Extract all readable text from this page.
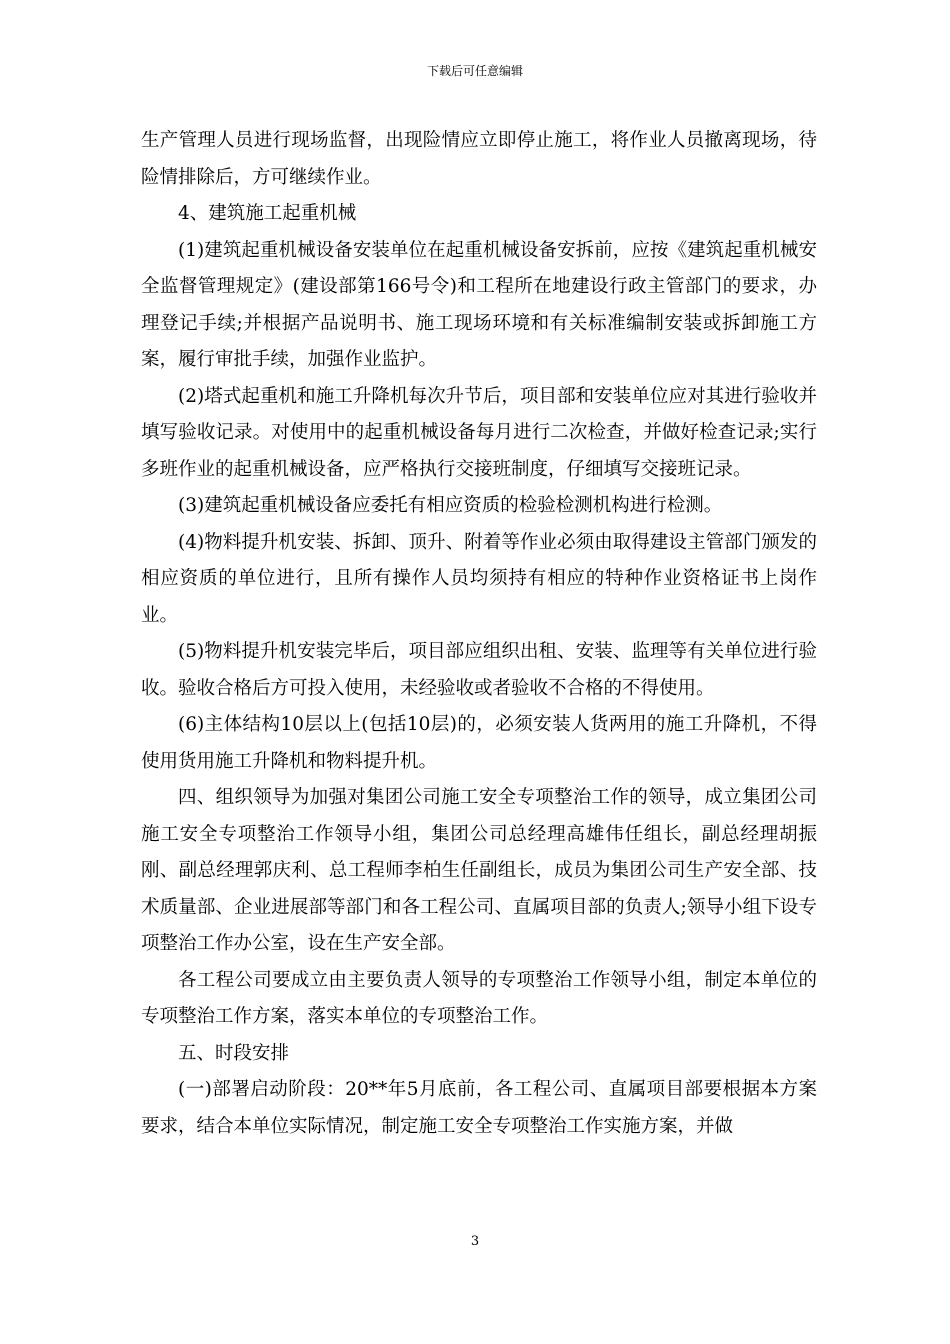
下载后可任意编辑

生产管理人员进行现场监督，出现险情应立即停止施工，将作业人员撤离现场，待险情排除后，方可继续作业。

4、建筑施工起重机械

(1)建筑起重机械设备安装单位在起重机械设备安拆前，应按《建筑起重机械安全监督管理规定》(建设部第166号令)和工程所在地建设行政主管部门的要求，办理登记手续;并根据产品说明书、施工现场环境和有关标准编制安装或拆卸施工方案，履行审批手续，加强作业监护。

(2)塔式起重机和施工升降机每次升节后，项目部和安装单位应对其进行验收并填写验收记录。对使用中的起重机械设备每月进行二次检查，并做好检查记录;实行多班作业的起重机械设备，应严格执行交接班制度，仔细填写交接班记录。

(3)建筑起重机械设备应委托有相应资质的检验检测机构进行检测。

(4)物料提升机安装、拆卸、顶升、附着等作业必须由取得建设主管部门颁发的相应资质的单位进行，且所有操作人员均须持有相应的特种作业资格证书上岗作业。

(5)物料提升机安装完毕后，项目部应组织出租、安装、监理等有关单位进行验收。验收合格后方可投入使用，未经验收或者验收不合格的不得使用。

(6)主体结构10层以上(包括10层)的，必须安装人货两用的施工升降机，不得使用货用施工升降机和物料提升机。

四、组织领导为加强对集团公司施工安全专项整治工作的领导，成立集团公司施工安全专项整治工作领导小组，集团公司总经理高雄伟任组长，副总经理胡振刚、副总经理郭庆利、总工程师李柏生任副组长，成员为集团公司生产安全部、技术质量部、企业进展部等部门和各工程公司、直属项目部的负责人;领导小组下设专项整治工作办公室，设在生产安全部。

各工程公司要成立由主要负责人领导的专项整治工作领导小组，制定本单位的专项整治工作方案，落实本单位的专项整治工作。

五、时段安排

(一)部署启动阶段：20**年5月底前，各工程公司、直属项目部要根据本方案要求，结合本单位实际情况，制定施工安全专项整治工作实施方案，并做

3
